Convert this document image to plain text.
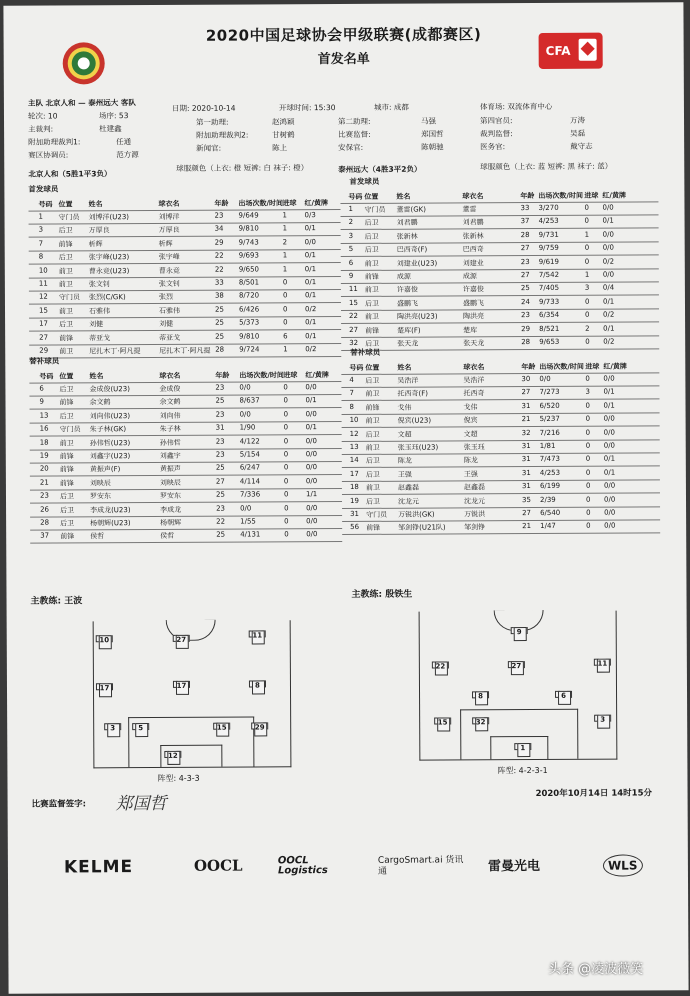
2020中国足球协会甲级联赛(成都赛区)
首发名单
CFA
主队 北京人和 — 泰州远大 客队
轮次: 10	场序: 53
日期: 2020-10-14	开球时间: 15:30	城市: 成都	体育场: 双流体育中心
主裁判:	杜建鑫
第一助理:	赵鸿颖	第二助理:	马强	第四官员:	万涛
附加助理裁判1:	任通
附加助理裁判2:	甘树鹤	比赛监督:	郑国哲	裁判监督:	吴磊
赛区协调员:	范方源
新闻官:	陈上	安保官:	陈朝驰	医务官:	戴守志
北京人和（5胜1平3负）
球服颜色（上衣: 橙 短裤: 白 袜子: 橙）	泰州远大（4胜3平2负）	球服颜色（上衣: 蓝 短裤: 黑 袜子: 蓝）
首发球员
首发球员
号码 位置 姓名	球衣名	年龄 出场次数/时间 进球 红/黄牌
1 守门员 刘博洋(U23)	刘博洋	23 9/649	1 0/3
3 后卫 万厚良	万厚良	34 9/810	1 0/1
7 前锋 析辉	析辉	29 9/743	2 0/0
8 后卫 张宇峰(U23)	张宇峰	22 9/693	1 0/1
10 前卫 曹永竞(U23)	曹永竞	22 9/650	1 0/1
11 前卫 张文钊	张文钊	33 8/501	0 0/1
12 守门员 张烈(C/GK)	张烈	38 8/720	0 0/1
15 前卫 石雅伟	石雅伟	25 6/426	0 0/2
17 后卫 刘健	刘健	25 5/373	0 0/1
27 前锋 蒂亚戈	蒂亚戈	25 9/810	6 0/1
29 前卫 尼扎木丁·阿凡提	尼扎木丁·阿凡提 28 9/724	1 0/2
号码 位置	姓名	球衣名	年龄 出场次数/时间 进球 红/黄牌
1 守门员 董雷(GK)	董雷	33 3/270	0 0/0
2 后卫	刘君鹏	刘君鹏	37 4/253	0 0/1
3 后卫	张新林	张新林	28 9/731	1 0/0
5 后卫	巴西奇(F)	巴西奇	27 9/759	0 0/0
6 前卫	刘建业(U23)	刘建业	23 9/619	0 0/2
9 前锋	成源	成源	27 7/542	1 0/0
11 前卫	许嘉俊	许嘉俊	25 7/405	3 0/4
15 后卫	盛鹏飞	盛鹏飞	24 9/733	0 0/1
22 前卫	陶洪亮(U23)	陶洪亮	23 6/354	0 0/2
27 前锋	楚库(F)	楚库	29 8/521	2 0/1
32 后卫	张天龙	张天龙	28 9/653	0 0/2
号码 位置 姓名	球衣名	年龄 出场次数/时间 进球 红/黄牌
6 后卫 金成俊(U23)	金成俊	23 0/0	0 0/0
9 前锋 余文鹤	余文鹤	25 8/637	0 0/1
13 后卫 刘向伟(U23)	刘向伟	23 0/0	0 0/0
16 守门员 朱子林(GK)	朱子林	31 1/90	0 0/1
18 前卫 孙伟哲(U23)	孙伟哲	23 4/122	0 0/0
19 前锋 刘鑫宇(U23)	刘鑫宇	23 5/154	0 0/0
20 前锋 黄振声(F)	黄振声	25 6/247	0 0/0
21 前锋 刘映辰	刘映辰	27 4/114	0 0/0
23 后卫 罗安东	罗安东	25 7/336	0 1/1
26 后卫 李成龙(U23)	李成龙	23 0/0	0 0/0
28 后卫 杨朝辉(U23)	杨朝辉	22 1/55	0 0/0
37 前锋 侯哲	侯哲	25 4/131	0 0/0
号码 位置	姓名	球衣名	年龄 出场次数/时间 进球 红/黄牌
4 后卫	吴浩洋	吴浩洋	30 0/0	0 0/0
7 前卫	托西奇(F)	托西奇	27 7/273	3 0/1
8 前锋	戈伟	戈伟	31 6/520	0 0/1
10 前卫	倪宾(U23)	倪宾	21 5/237	0 0/0
12 后卫	文超	文超	32 7/216	0 0/0
13 前卫	张玉珏(U23)	张玉珏	31 1/81	0 0/0
14 后卫	陈龙	陈龙	31 7/473	0 0/1
17 后卫	王强	王强	31 4/253	0 0/1
18 前卫	赵鑫磊	赵鑫磊	31 6/199	0 0/0
19 后卫	沈龙元	沈龙元	35 2/39	0 0/0
31 守门员 万锐洪(GK)	万锐洪	27 6/540	0 0/0
56 前锋	邹剑铮(U21队)	邹剑铮	21 1/47	0 0/0
替补球员
替补球员
主教练: 王波
主教练: 殷铁生
10	27
11
17	17	8
3	5	15	29
12
阵型: 4-3-3
9
22	27	11
8	6
15	32	3
1
阵型: 4-2-3-1
比赛监督签字: 郑国哲
2020年10月14日 14时15分
KELME	OOCL	OOCL Logistics
CargoSmart.ai 货讯通	雷曼光电	WLS
头条 @凌波薇笑
